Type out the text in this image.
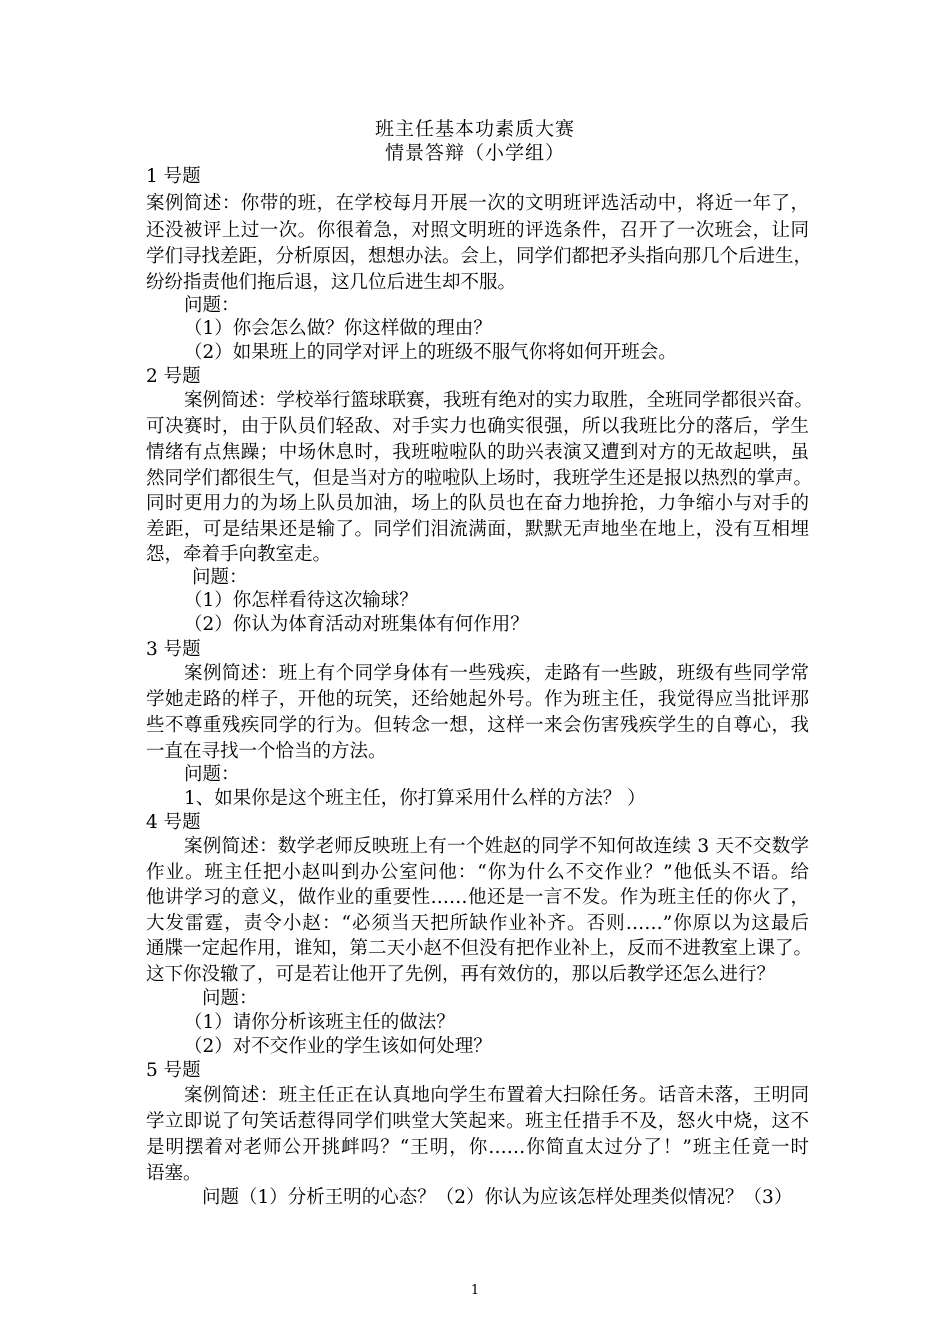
班主任基本功素质大赛
情景答辩（小学组）
1 号题
案例简述：你带的班，在学校每月开展一次的文明班评选活动中，将近一年了，
还没被评上过一次。你很着急，对照文明班的评选条件，召开了一次班会，让同
学们寻找差距，分析原因，想想办法。会上，同学们都把矛头指向那几个后进生，
纷纷指责他们拖后退，这几位后进生却不服。
问题：
（1）你会怎么做？你这样做的理由？
（2）如果班上的同学对评上的班级不服气你将如何开班会。
2 号题
案例简述：学校举行篮球联赛，我班有绝对的实力取胜，全班同学都很兴奋。
可决赛时，由于队员们轻敌、对手实力也确实很强，所以我班比分的落后，学生
情绪有点焦躁；中场休息时，我班啦啦队的助兴表演又遭到对方的无故起哄，虽
然同学们都很生气，但是当对方的啦啦队上场时，我班学生还是报以热烈的掌声。
同时更用力的为场上队员加油，场上的队员也在奋力地拚抢，力争缩小与对手的
差距，可是结果还是输了。同学们泪流满面，默默无声地坐在地上，没有互相埋
怨，牵着手向教室走。
问题：
（1）你怎样看待这次输球？
（2）你认为体育活动对班集体有何作用？
3 号题
案例简述：班上有个同学身体有一些残疾，走路有一些跛，班级有些同学常
学她走路的样子，开他的玩笑，还给她起外号。作为班主任，我觉得应当批评那
些不尊重残疾同学的行为。但转念一想，这样一来会伤害残疾学生的自尊心，我
一直在寻找一个恰当的方法。
问题：
1、如果你是这个班主任，你打算采用什么样的方法？ ）
4 号题
案例简述：数学老师反映班上有一个姓赵的同学不知何故连续 3 天不交数学
作业。班主任把小赵叫到办公室问他：“你为什么不交作业？”他低头不语。给
他讲学习的意义，做作业的重要性……他还是一言不发。作为班主任的你火了，
大发雷霆，责令小赵：“必须当天把所缺作业补齐。否则……”你原以为这最后
通牒一定起作用，谁知，第二天小赵不但没有把作业补上，反而不进教室上课了。
这下你没辙了，可是若让他开了先例，再有效仿的，那以后教学还怎么进行？
问题：
（1）请你分析该班主任的做法？
（2）对不交作业的学生该如何处理？
5 号题
案例简述：班主任正在认真地向学生布置着大扫除任务。话音未落，王明同
学立即说了句笑话惹得同学们哄堂大笑起来。班主任措手不及，怒火中烧，这不
是明摆着对老师公开挑衅吗？“王明，你……你简直太过分了！”班主任竟一时
语塞。
问题（1）分析王明的心态？（2）你认为应该怎样处理类似情况？（3）
1
